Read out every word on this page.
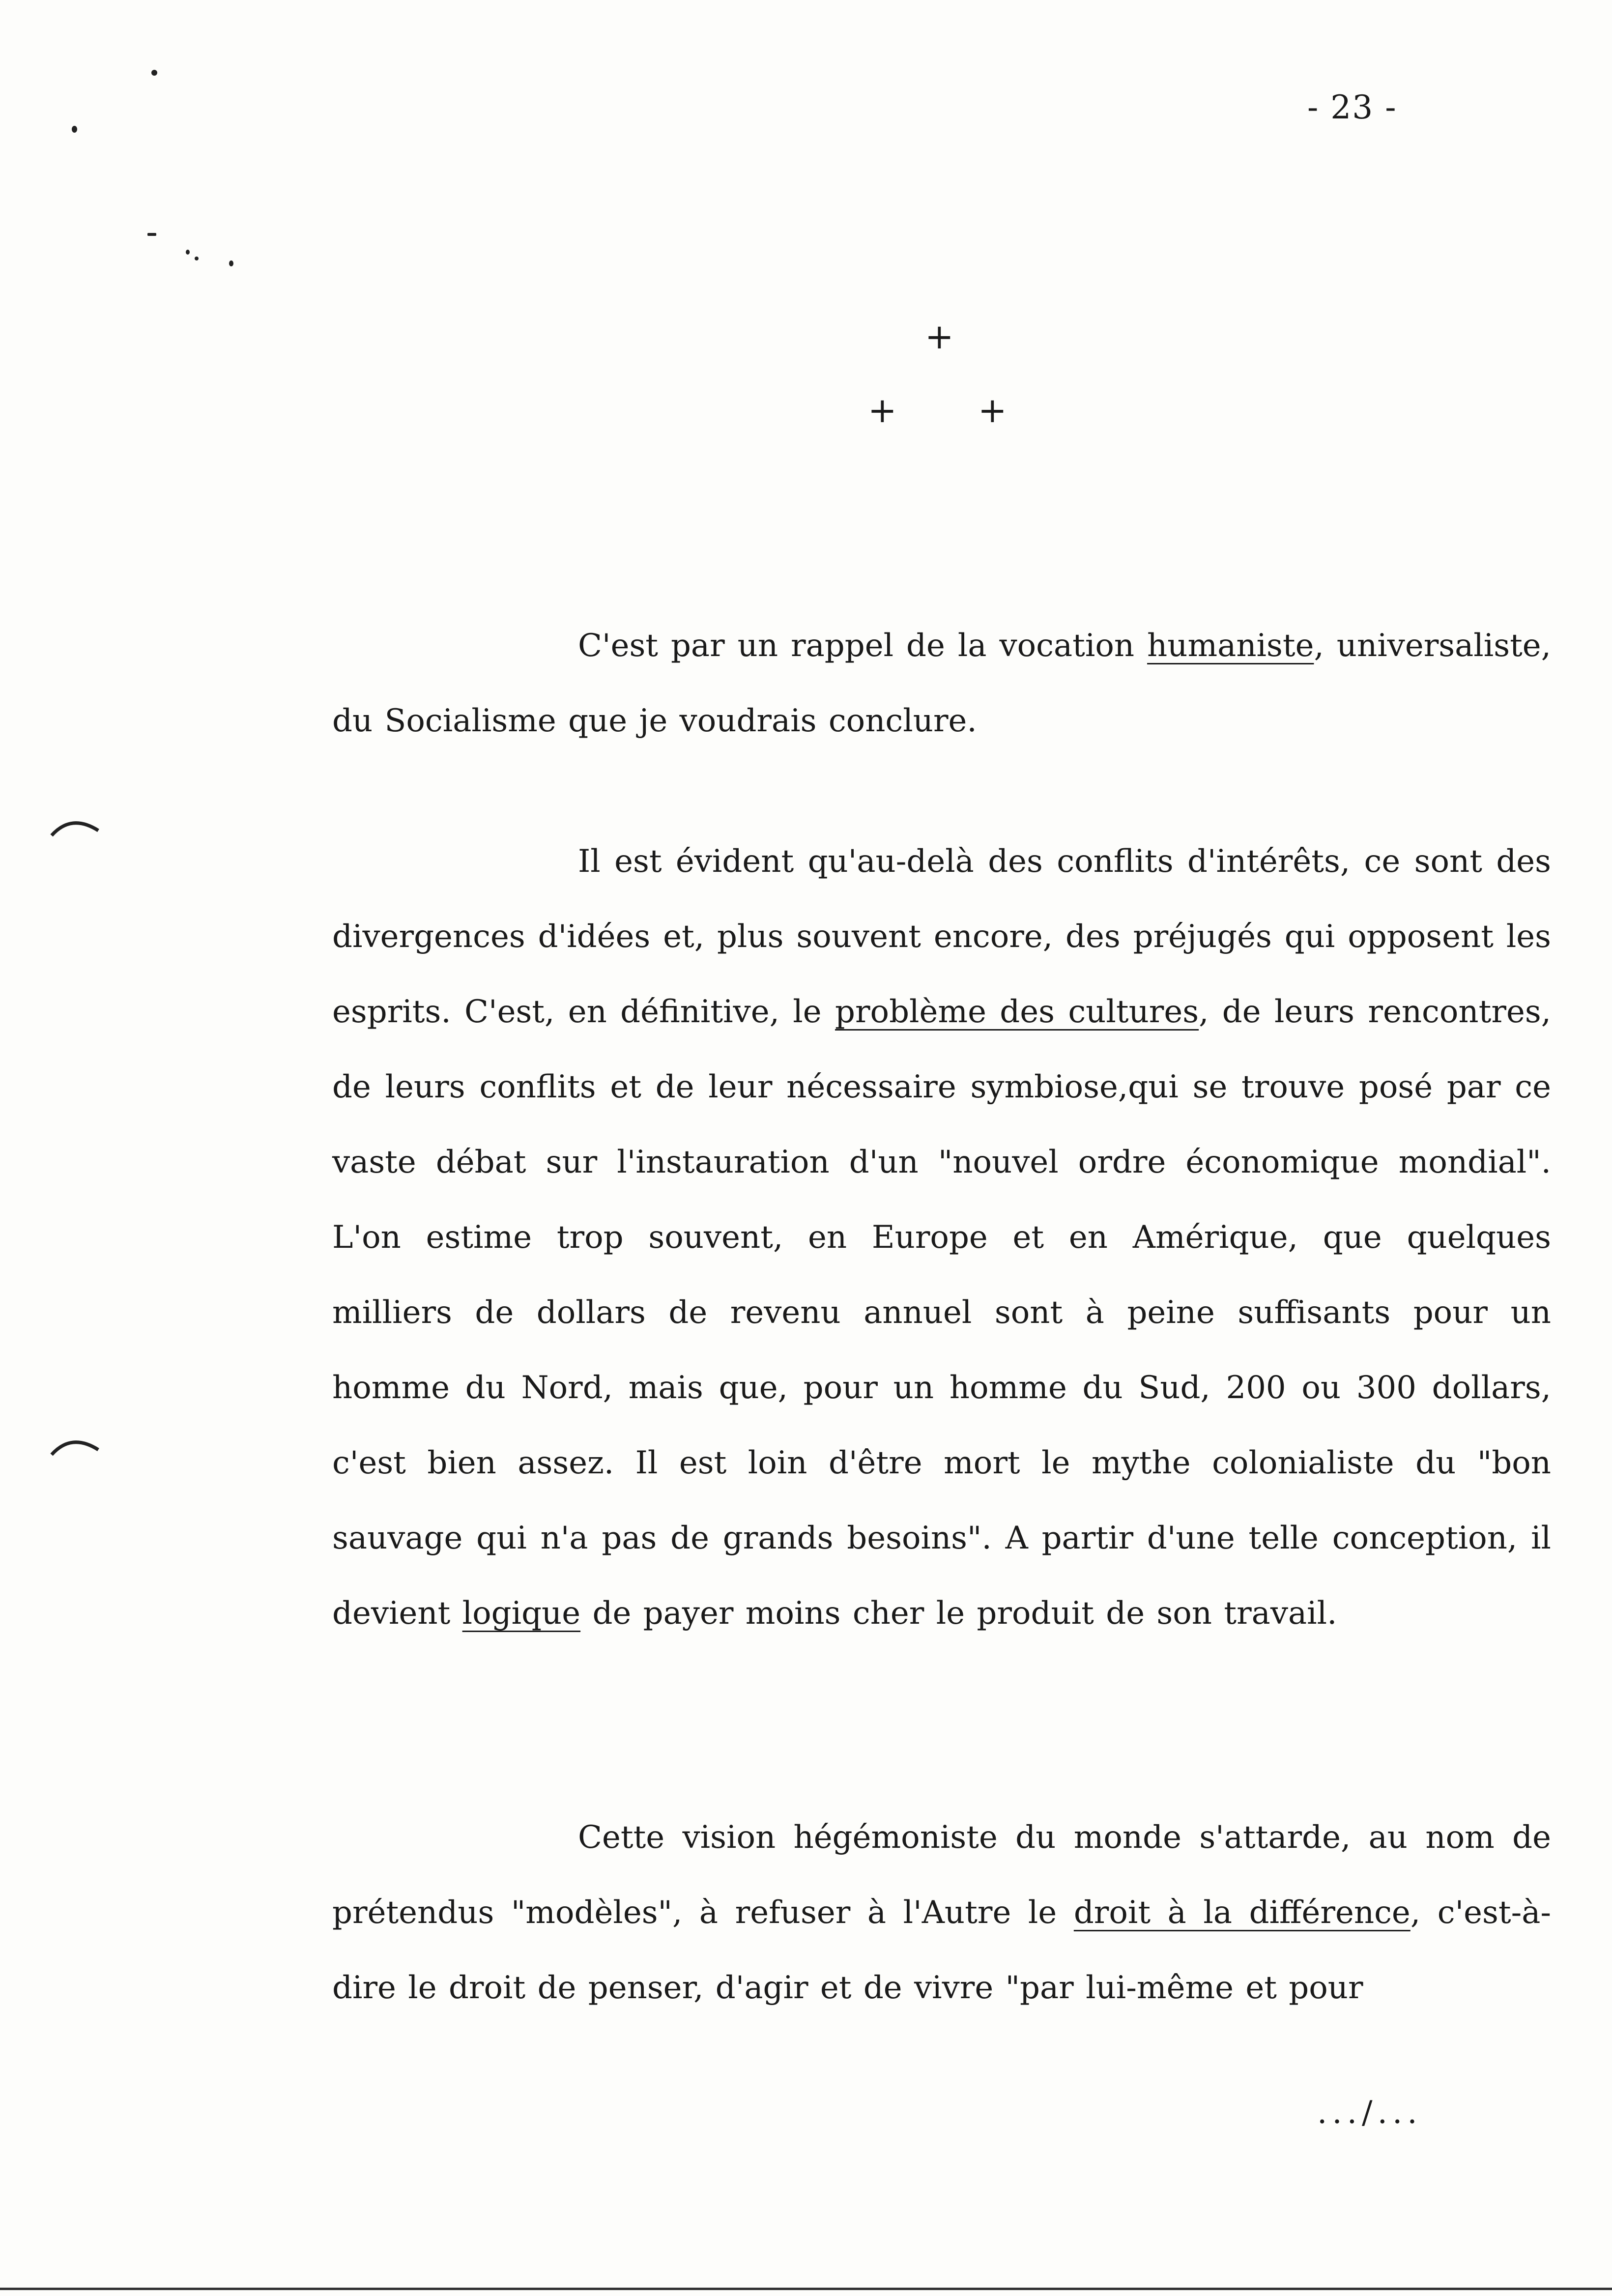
- 23 -
+
+ +

C'est par un rappel de la vocation humaniste, universaliste, du Socialisme que je voudrais conclure.

Il est évident qu'au-delà des conflits d'intérêts, ce sont des divergences d'idées et, plus souvent encore, des préjugés qui opposent les esprits. C'est, en définitive, le problème des cultures, de leurs rencontres, de leurs conflits et de leur nécessaire symbiose,qui se trouve posé par ce vaste débat sur l'instauration d'un "nouvel ordre économique mondial". L'on estime trop souvent, en Europe et en Amérique, que quelques milliers de dollars de revenu annuel sont à peine suffisants pour un homme du Nord, mais que, pour un homme du Sud, 200 ou 300 dollars, c'est bien assez. Il est loin d'être mort le mythe colonialiste du "bon sauvage qui n'a pas de grands besoins". A partir d'une telle conception, il devient logique de payer moins cher le produit de son travail.

Cette vision hégémoniste du monde s'attarde, au nom de prétendus "modèles", à refuser à l'Autre le droit à la différence, c'est-à-dire le droit de penser, d'agir et de vivre "par lui-même et pour

.../...
